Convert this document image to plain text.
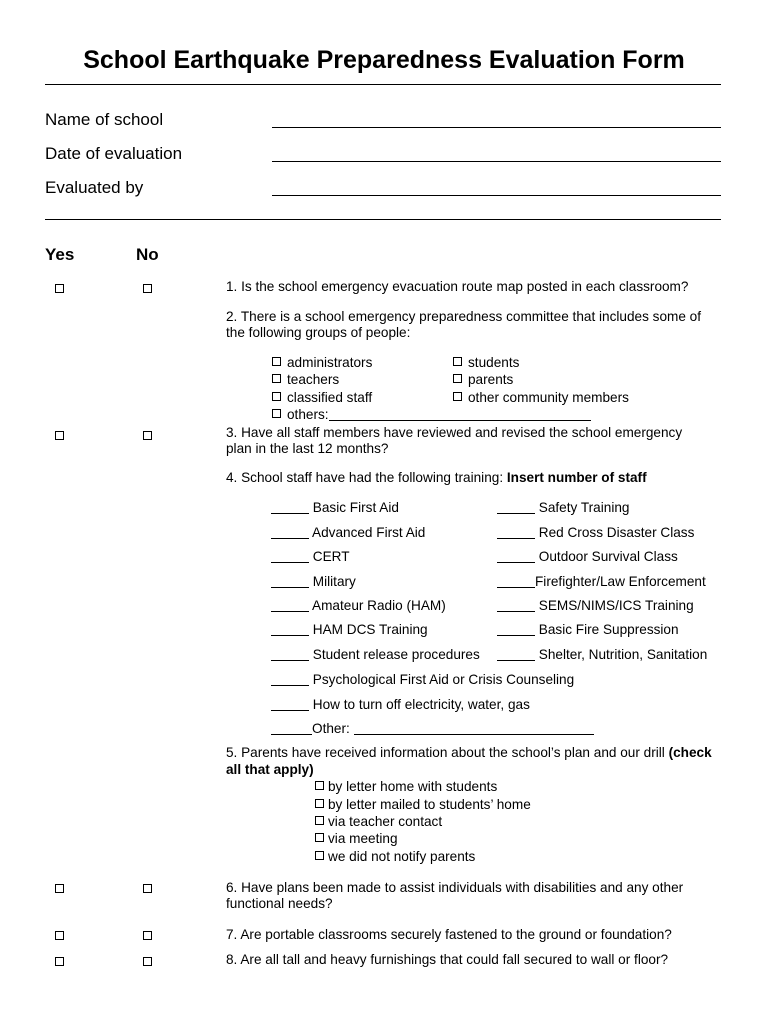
School Earthquake Preparedness Evaluation Form
Name of school
Date of evaluation
Evaluated by
Yes	No
1. Is the school emergency evacuation route map posted in each classroom?
2. There is a school emergency preparedness committee that includes some of
the following groups of people:
administrators
teachers
classified staff
others:
students
parents
other community members
3. Have all staff members have reviewed and revised the school emergency
plan in the last 12 months?
4. School staff have had the following training: Insert number of staff
Basic First Aid
Advanced First Aid
CERT
Military
Amateur Radio (HAM)
HAM DCS Training
Student release procedures
Psychological First Aid or Crisis Counseling
How to turn off electricity, water, gas
Other:
Safety Training
Red Cross Disaster Class
Outdoor Survival Class
Firefighter/Law Enforcement
SEMS/NIMS/ICS Training
Basic Fire Suppression
Shelter, Nutrition, Sanitation
5. Parents have received information about the school’s plan and our drill (check
all that apply)
by letter home with students
by letter mailed to students’ home
via teacher contact
via meeting
we did not notify parents
6. Have plans been made to assist individuals with disabilities and any other
functional needs?
7. Are portable classrooms securely fastened to the ground or foundation?
8. Are all tall and heavy furnishings that could fall secured to wall or floor?
